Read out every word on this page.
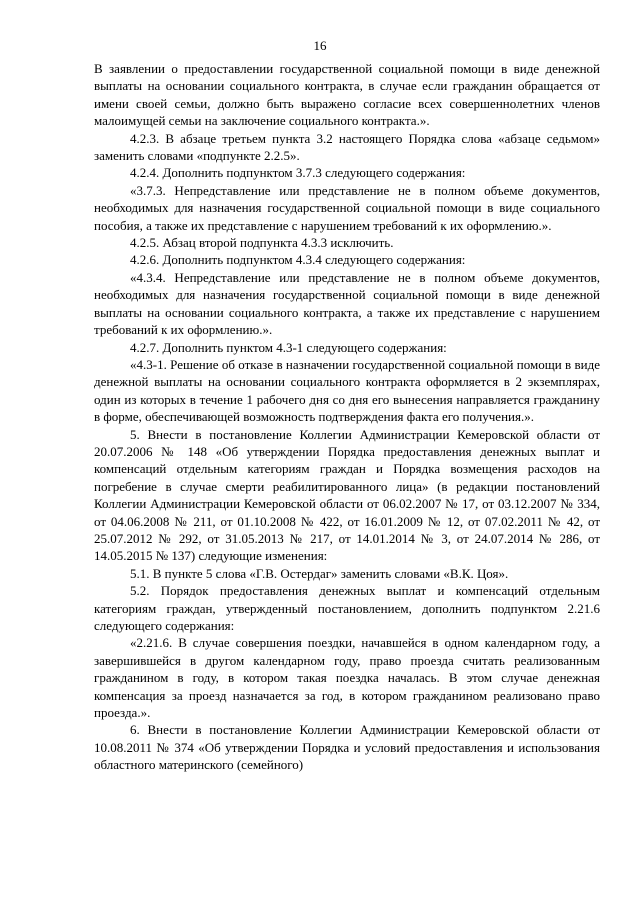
16

В заявлении о предоставлении государственной социальной помощи в виде денежной выплаты на основании социального контракта, в случае если гражданин обращается от имени своей семьи, должно быть выражено согласие всех совершеннолетних членов малоимущей семьи на заключение социального контракта.».

4.2.3. В абзаце третьем пункта 3.2 настоящего Порядка слова «абзаце седьмом» заменить словами «подпункте 2.2.5».

4.2.4. Дополнить подпунктом 3.7.3 следующего содержания:

«3.7.3. Непредставление или представление не в полном объеме документов, необходимых для назначения государственной социальной помощи в виде социального пособия, а также их представление с нарушением требований к их оформлению.».

4.2.5. Абзац второй подпункта 4.3.3 исключить.

4.2.6. Дополнить подпунктом 4.3.4 следующего содержания:

«4.3.4. Непредставление или представление не в полном объеме документов, необходимых для назначения государственной социальной помощи в виде денежной выплаты на основании социального контракта, а также их представление с нарушением требований к их оформлению.».

4.2.7. Дополнить пунктом 4.3-1 следующего содержания:

«4.3-1. Решение об отказе в назначении государственной социальной помощи в виде денежной выплаты на основании социального контракта оформляется в 2 экземплярах, один из которых в течение 1 рабочего дня со дня его вынесения направляется гражданину в форме, обеспечивающей возможность подтверждения факта его получения.».

5. Внести в постановление Коллегии Администрации Кемеровской области от 20.07.2006 № 148 «Об утверждении Порядка предоставления денежных выплат и компенсаций отдельным категориям граждан и Порядка возмещения расходов на погребение в случае смерти реабилитированного лица» (в редакции постановлений Коллегии Администрации Кемеровской области от 06.02.2007 № 17, от 03.12.2007 № 334, от 04.06.2008 № 211, от 01.10.2008 № 422, от 16.01.2009 № 12, от 07.02.2011 № 42, от 25.07.2012 № 292, от 31.05.2013 № 217, от 14.01.2014 № 3, от 24.07.2014 № 286, от 14.05.2015 № 137) следующие изменения:

5.1. В пункте 5 слова «Г.В. Остердаг» заменить словами «В.К. Цоя».

5.2. Порядок предоставления денежных выплат и компенсаций отдельным категориям граждан, утвержденный постановлением, дополнить подпунктом 2.21.6 следующего содержания:

«2.21.6. В случае совершения поездки, начавшейся в одном календарном году, а завершившейся в другом календарном году, право проезда считать реализованным гражданином в году, в котором такая поездка началась. В этом случае денежная компенсация за проезд назначается за год, в котором гражданином реализовано право проезда.».

6. Внести в постановление Коллегии Администрации Кемеровской области от 10.08.2011 № 374 «Об утверждении Порядка и условий предоставления и использования областного материнского (семейного)
